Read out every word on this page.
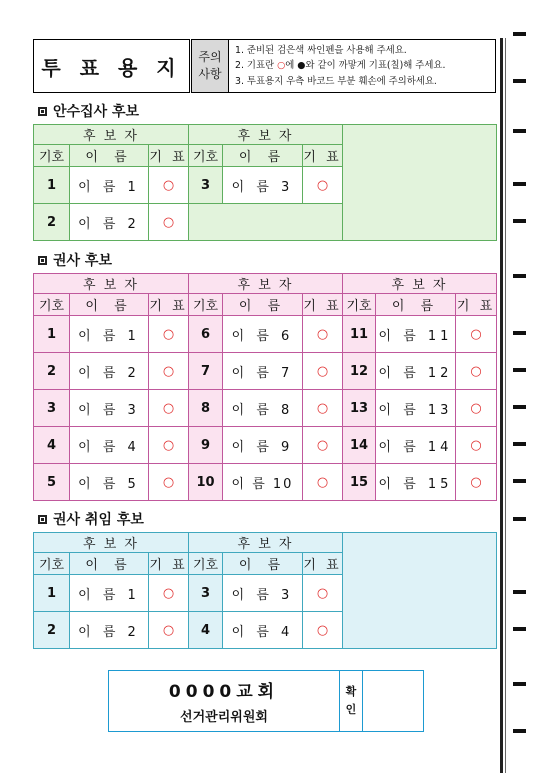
투 표 용 지	주의
사항
1. 준비된 검은색 싸인펜을 사용해 주세요.
2. 기표란 ○에 ●와 같이 까맣게 기표(칠)해 주세요.
3. 투표용지 우측 바코드 부분 훼손에 주의하세요.
안수집사 후보
후 보 자			후 보 자			
기호	이 름	기 표	기호	이 름	기 표	
1	이 름 1	○	3	이 름 3	○	
2	이 름 2	○				
권사 후보
후 보 자			후 보 자			후 보 자		
기호	이 름	기 표	기호	이 름	기 표	기호	이 름	기 표
1	이 름 1	○	6	이 름 6	○	11	이 름 11	○
2	이 름 2	○	7	이 름 7	○	12	이 름 12	○
3	이 름 3	○	8	이 름 8	○	13	이 름 13	○
4	이 름 4	○	9	이 름 9	○	14	이 름 14	○
5	이 름 5	○	10	이 름 10	○	15	이 름 15	○
권사 취임 후보
후 보 자			후 보 자			
기호	이 름	기 표	기호	이 름	기 표	
1	이 름 1	○	3	이 름 3	○	
2	이 름 2	○	4	이 름 4	○	
0000교회
선거관리위원회
확
인
